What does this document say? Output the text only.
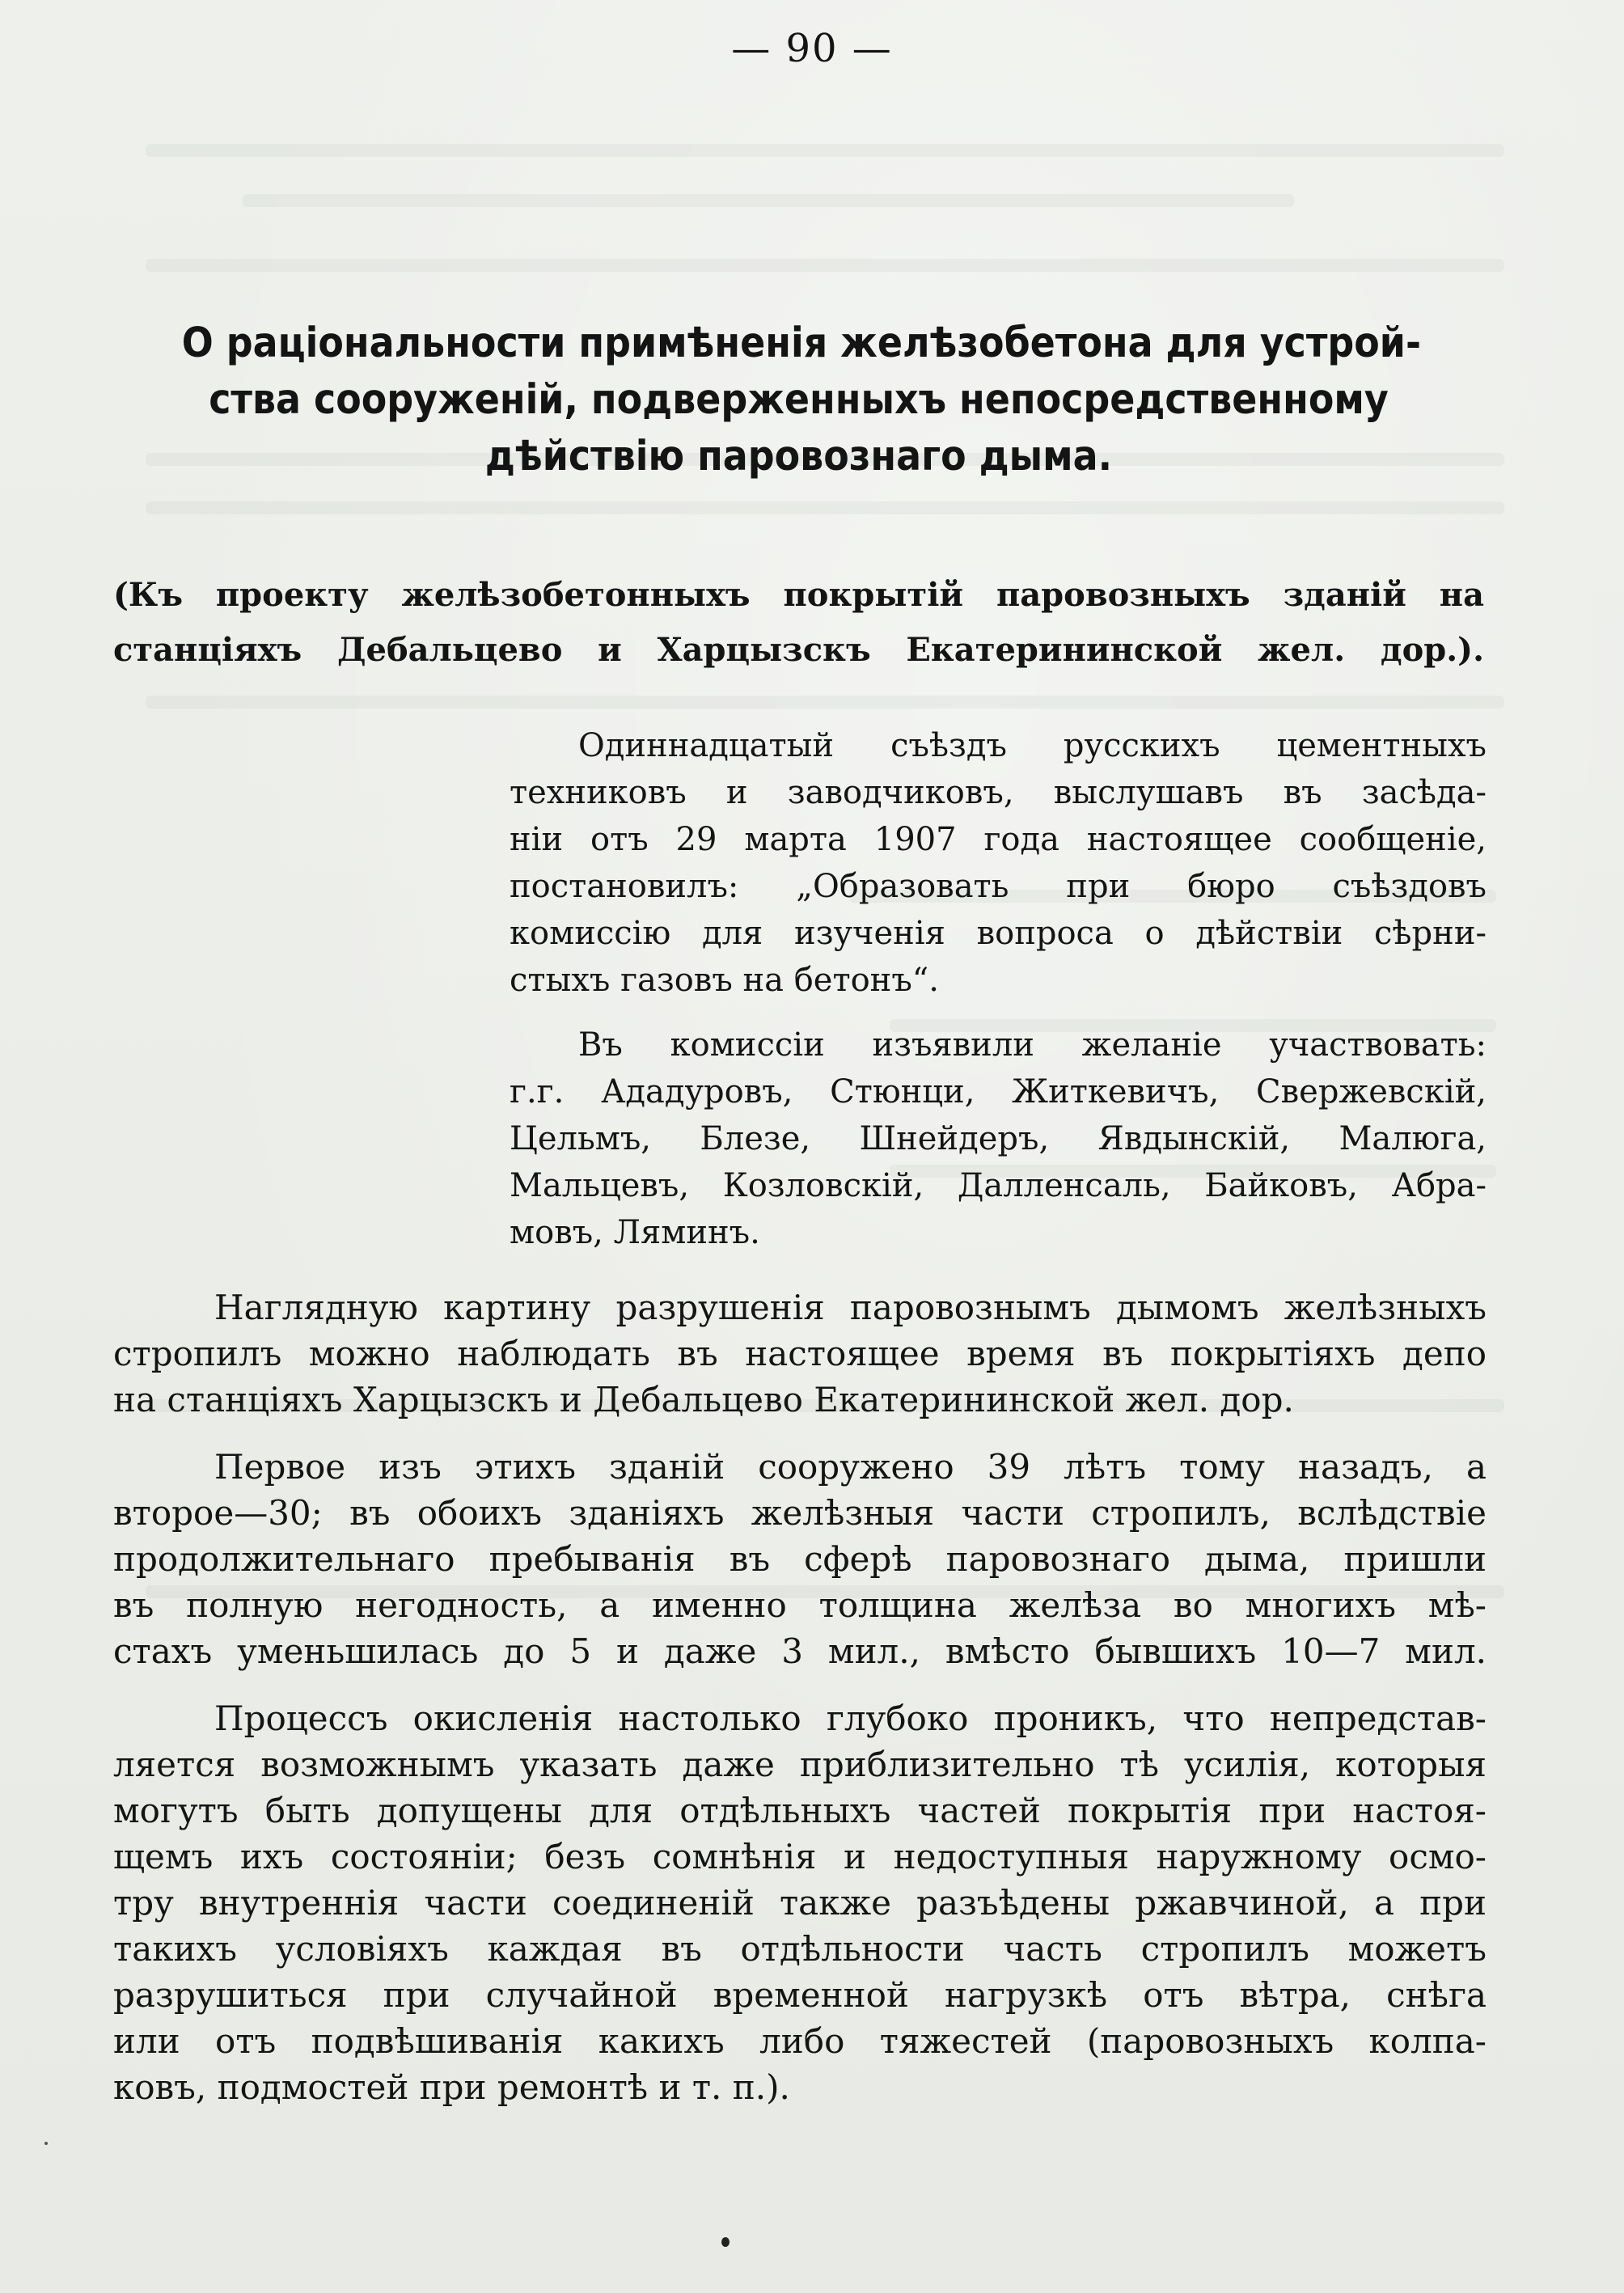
— 90 —
О раціональности примѣненія желѣзобетона для устрой-
ства сооруженій, подверженныхъ непосредственному
дѣйствію паровознаго дыма.
(Къ проекту желѣзобетонныхъ покрытій паровозныхъ зданій на
станціяхъ Дебальцево и Харцызскъ Екатерининской жел. дор.).
Одиннадцатый съѣздъ русскихъ цементныхъ
техниковъ и заводчиковъ, выслушавъ въ засѣда-
ніи отъ 29 марта 1907 года настоящее сообщеніе,
постановилъ: „Образовать при бюро съѣздовъ
комиссію для изученія вопроса о дѣйствіи сѣрни-
стыхъ газовъ на бетонъ“.
Въ комиссіи изъявили желаніе участвовать:
г.г. Ададуровъ, Стюнци, Житкевичъ, Свержевскій,
Цельмъ, Блезе, Шнейдеръ, Явдынскій, Малюга,
Мальцевъ, Козловскій, Далленсаль, Байковъ, Абра-
мовъ, Ляминъ.
Наглядную картину разрушенія паровознымъ дымомъ желѣзныхъ
стропилъ можно наблюдать въ настоящее время въ покрытіяхъ депо
на станціяхъ Харцызскъ и Дебальцево Екатерининской жел. дор.
Первое изъ этихъ зданій сооружено 39 лѣтъ тому назадъ, а
второе—30; въ обоихъ зданіяхъ желѣзныя части стропилъ, вслѣдствіе
продолжительнаго пребыванія въ сферѣ паровознаго дыма, пришли
въ полную негодность, а именно толщина желѣза во многихъ мѣ-
стахъ уменьшилась до 5 и даже 3 мил., вмѣсто бывшихъ 10—7 мил.
Процессъ окисленія настолько глубоко проникъ, что непредстав-
ляется возможнымъ указать даже приблизительно тѣ усилія, которыя
могутъ быть допущены для отдѣльныхъ частей покрытія при настоя-
щемъ ихъ состояніи; безъ сомнѣнія и недоступныя наружному осмо-
тру внутреннія части соединеній также разъѣдены ржавчиной, а при
такихъ условіяхъ каждая въ отдѣльности часть стропилъ можетъ
разрушиться при случайной временной нагрузкѣ отъ вѣтра, снѣга
или отъ подвѣшиванія какихъ либо тяжестей (паровозныхъ колпа-
ковъ, подмостей при ремонтѣ и т. п.).
